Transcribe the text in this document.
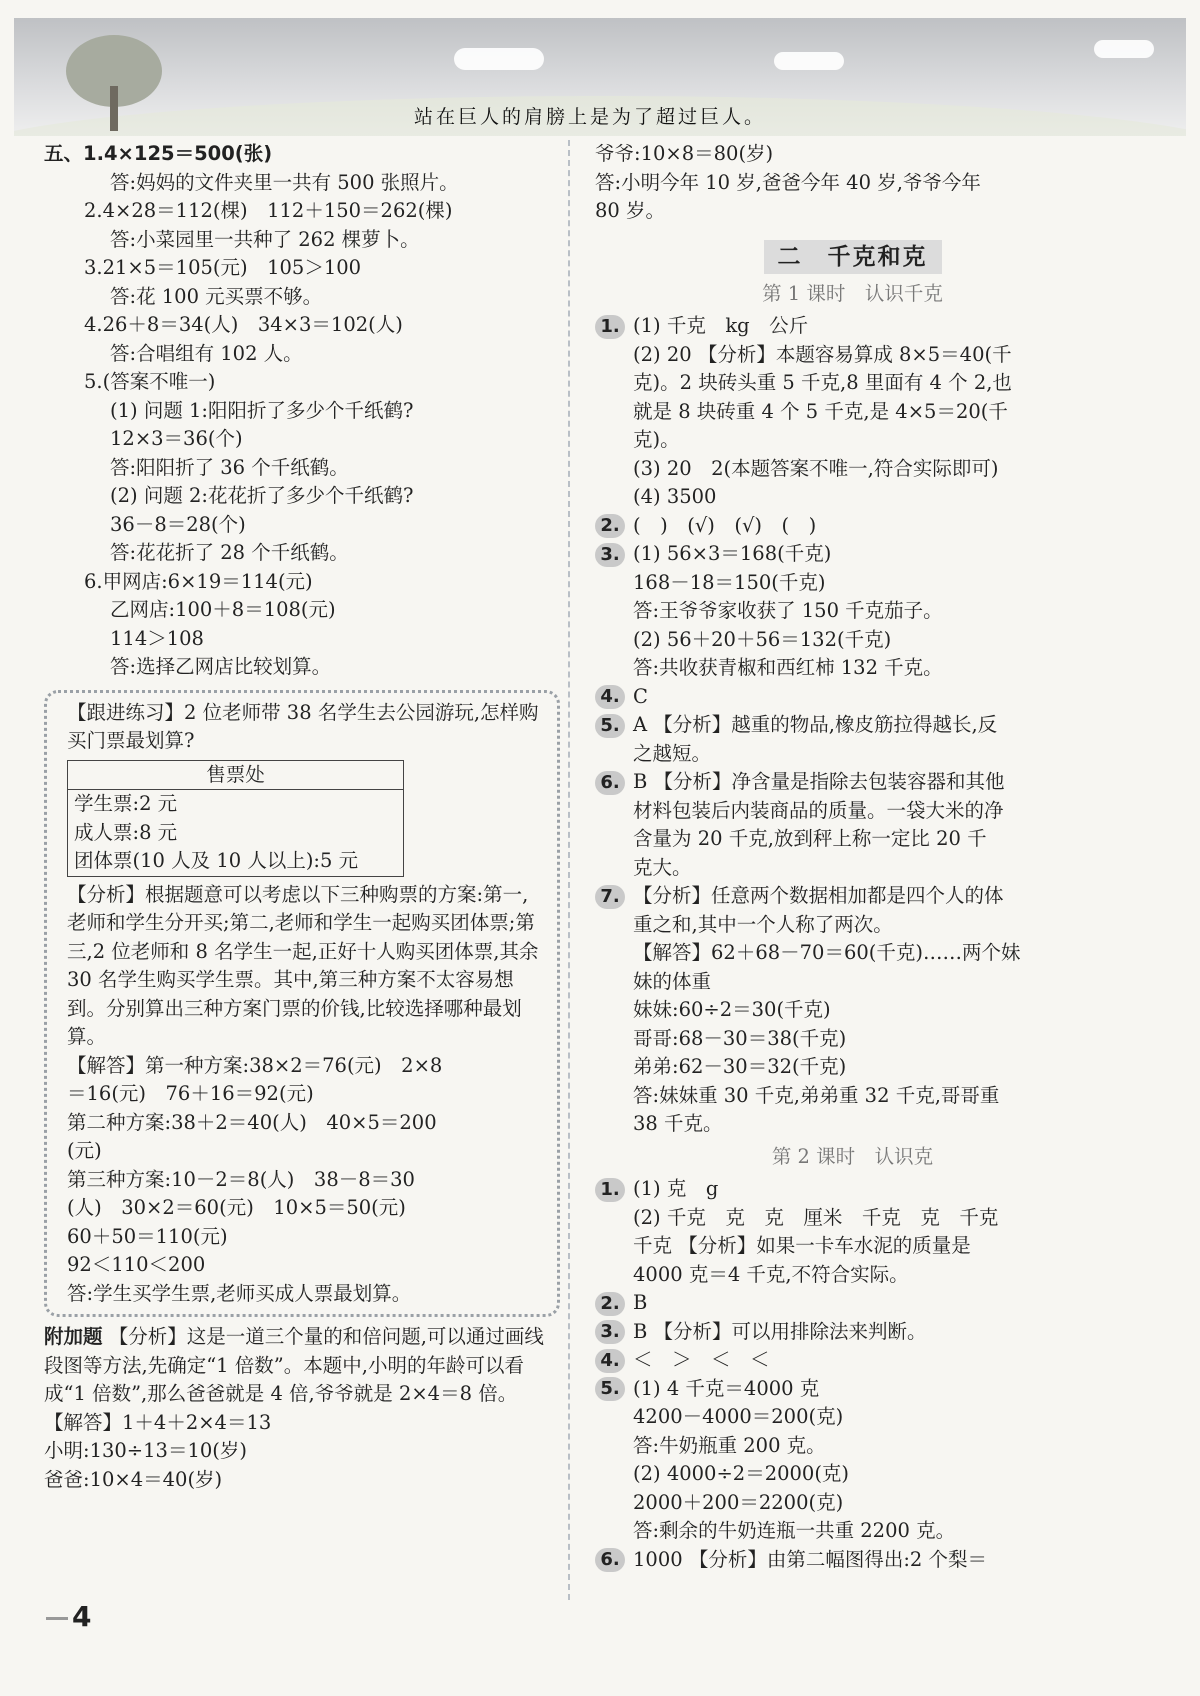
站在巨人的肩膀上是为了超过巨人。
五、1.4×125＝500(张)
答:妈妈的文件夹里一共有 500 张照片。
2.4×28＝112(棵)　112＋150＝262(棵)
答:小菜园里一共种了 262 棵萝卜。
3.21×5＝105(元)　105＞100
答:花 100 元买票不够。
4.26＋8＝34(人)　34×3＝102(人)
答:合唱组有 102 人。
5.(答案不唯一)
(1) 问题 1:阳阳折了多少个千纸鹤?
12×3＝36(个)
答:阳阳折了 36 个千纸鹤。
(2) 问题 2:花花折了多少个千纸鹤?
36－8＝28(个)
答:花花折了 28 个千纸鹤。
6.甲网店:6×19＝114(元)
乙网店:100＋8＝108(元)
114＞108
答:选择乙网店比较划算。
【跟进练习】2 位老师带 38 名学生去公园游玩,怎样购买门票最划算?
售票处
学生票:2 元
成人票:8 元
团体票(10 人及 10 人以上):5 元
【分析】根据题意可以考虑以下三种购票的方案:第一,老师和学生分开买;第二,老师和学生一起购买团体票;第三,2 位老师和 8 名学生一起,正好十人购买团体票,其余 30 名学生购买学生票。其中,第三种方案不太容易想到。分别算出三种方案门票的价钱,比较选择哪种最划算。
【解答】第一种方案:38×2＝76(元)　2×8
＝16(元)　76＋16＝92(元)
第二种方案:38＋2＝40(人)　40×5＝200
(元)
第三种方案:10－2＝8(人)　38－8＝30
(人)　30×2＝60(元)　10×5＝50(元)
60＋50＝110(元)
92＜110＜200
答:学生买学生票,老师买成人票最划算。
附加题 【分析】这是一道三个量的和倍问题,可以通过画线段图等方法,先确定“1 倍数”。本题中,小明的年龄可以看成“1 倍数”,那么爸爸就是 4 倍,爷爷就是 2×4＝8 倍。
【解答】1＋4＋2×4＝13
小明:130÷13＝10(岁)
爸爸:10×4＝40(岁)
爷爷:10×8＝80(岁)
答:小明今年 10 岁,爸爸今年 40 岁,爷爷今年
80 岁。
二　千克和克
第 1 课时　认识千克
1. (1) 千克　kg　公斤
(2) 20 【分析】本题容易算成 8×5＝40(千
克)。2 块砖头重 5 千克,8 里面有 4 个 2,也
就是 8 块砖重 4 个 5 千克,是 4×5＝20(千
克)。
(3) 20　2(本题答案不唯一,符合实际即可)
(4) 3500
2. (　)　(√)　(√)　(　)
3. (1) 56×3＝168(千克)
168－18＝150(千克)
答:王爷爷家收获了 150 千克茄子。
(2) 56＋20＋56＝132(千克)
答:共收获青椒和西红柿 132 千克。
4. C
5. A 【分析】越重的物品,橡皮筋拉得越长,反
之越短。
6. B 【分析】净含量是指除去包装容器和其他
材料包装后内装商品的质量。一袋大米的净
含量为 20 千克,放到秤上称一定比 20 千
克大。
7. 【分析】任意两个数据相加都是四个人的体
重之和,其中一个人称了两次。
【解答】62＋68－70＝60(千克)……两个妹
妹的体重
妹妹:60÷2＝30(千克)
哥哥:68－30＝38(千克)
弟弟:62－30＝32(千克)
答:妹妹重 30 千克,弟弟重 32 千克,哥哥重
38 千克。
第 2 课时　认识克
1. (1) 克　g
(2) 千克　克　克　厘米　千克　克　千克
千克 【分析】如果一卡车水泥的质量是
4000 克＝4 千克,不符合实际。
2. B
3. B 【分析】可以用排除法来判断。
4. ＜　＞　＜　＜
5. (1) 4 千克＝4000 克
4200－4000＝200(克)
答:牛奶瓶重 200 克。
(2) 4000÷2＝2000(克)
2000＋200＝2200(克)
答:剩余的牛奶连瓶一共重 2200 克。
6. 1000 【分析】由第二幅图得出:2 个梨＝
4
